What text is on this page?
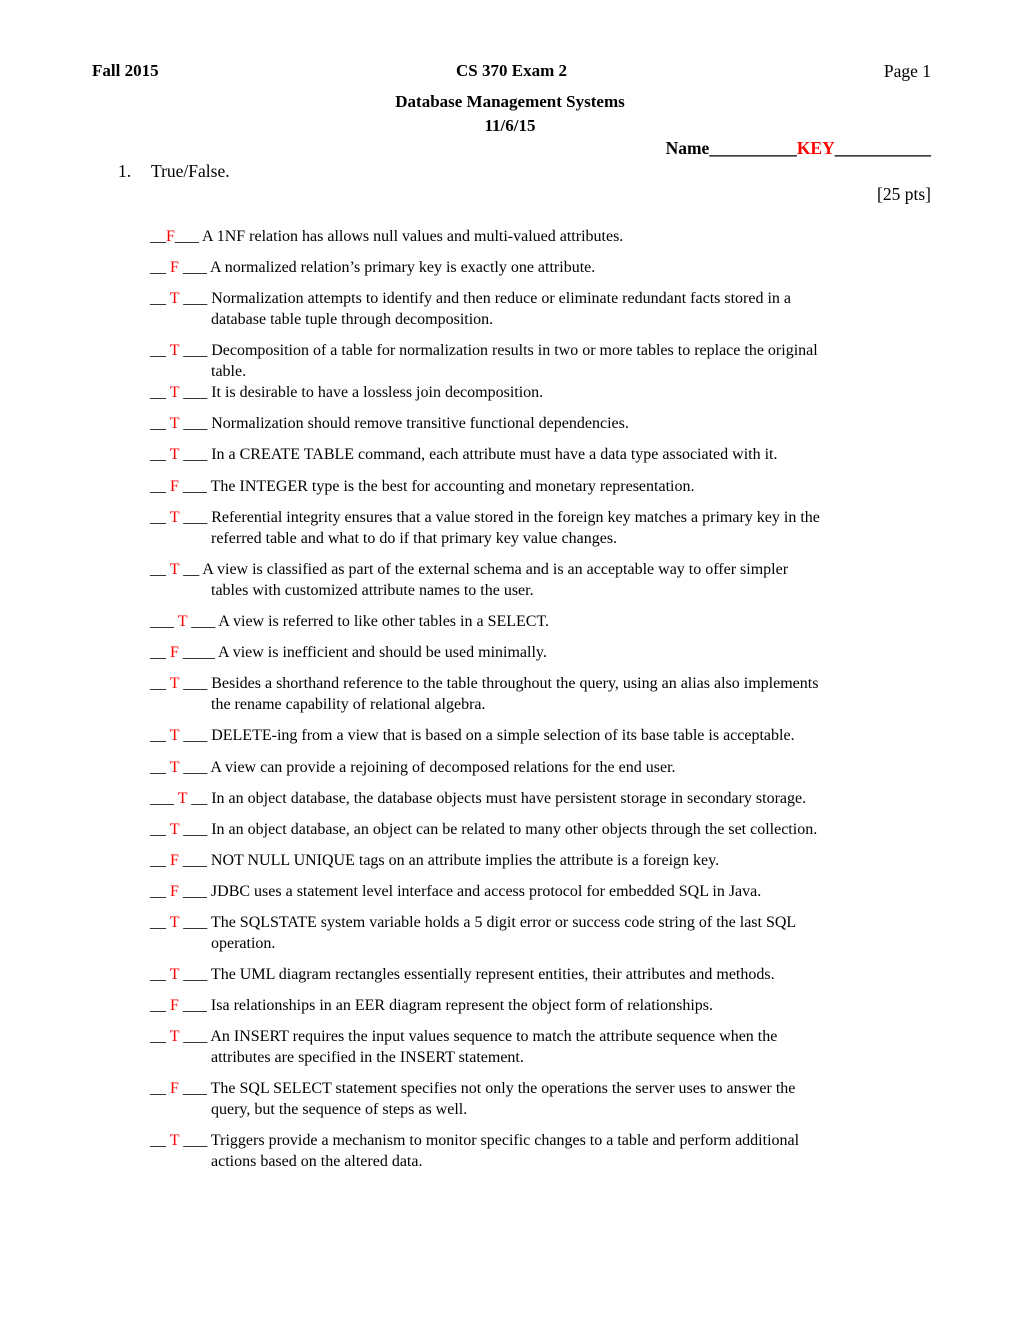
Fall 2015	CS 370 Exam 2	Page 1
Database Management Systems
11/6/15
Name__________KEY___________
1. True/False.
[25 pts]
__F___ A 1NF relation has allows null values and multi-valued attributes.
__ F ___ A normalized relation’s primary key is exactly one attribute.
__ T ___ Normalization attempts to identify and then reduce or eliminate redundant facts stored in a
database table tuple through decomposition.
__ T ___ Decomposition of a table for normalization results in two or more tables to replace the original
table.
__ T ___ It is desirable to have a lossless join decomposition.
__ T ___ Normalization should remove transitive functional dependencies.
__ T ___ In a CREATE TABLE command, each attribute must have a data type associated with it.
__ F ___ The INTEGER type is the best for accounting and monetary representation.
__ T ___ Referential integrity ensures that a value stored in the foreign key matches a primary key in the
referred table and what to do if that primary key value changes.
__ T __ A view is classified as part of the external schema and is an acceptable way to offer simpler
tables with customized attribute names to the user.
___ T ___ A view is referred to like other tables in a SELECT.
__ F ____ A view is inefficient and should be used minimally.
__ T ___ Besides a shorthand reference to the table throughout the query, using an alias also implements
the rename capability of relational algebra.
__ T ___ DELETE-ing from a view that is based on a simple selection of its base table is acceptable.
__ T ___ A view can provide a rejoining of decomposed relations for the end user.
___ T __ In an object database, the database objects must have persistent storage in secondary storage.
__ T ___ In an object database, an object can be related to many other objects through the set collection.
__ F ___ NOT NULL UNIQUE tags on an attribute implies the attribute is a foreign key.
__ F ___ JDBC uses a statement level interface and access protocol for embedded SQL in Java.
__ T ___ The SQLSTATE system variable holds a 5 digit error or success code string of the last SQL
operation.
__ T ___ The UML diagram rectangles essentially represent entities, their attributes and methods.
__ F ___ Isa relationships in an EER diagram represent the object form of relationships.
__ T ___ An INSERT requires the input values sequence to match the attribute sequence when the
attributes are specified in the INSERT statement.
__ F ___ The SQL SELECT statement specifies not only the operations the server uses to answer the
query, but the sequence of steps as well.
__ T ___ Triggers provide a mechanism to monitor specific changes to a table and perform additional
actions based on the altered data.
